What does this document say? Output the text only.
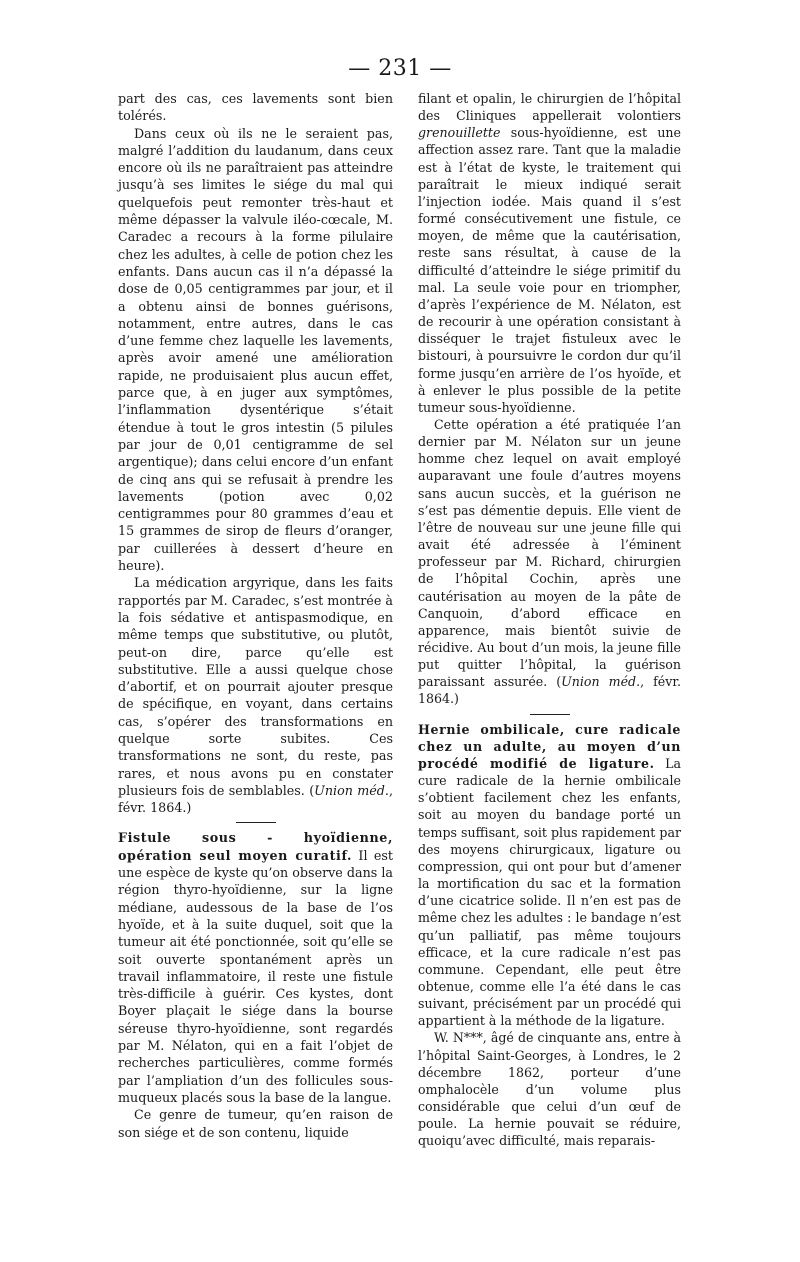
— 231 —

part des cas, ces lavements sont bien tolérés.

Dans ceux où ils ne le seraient pas, malgré l’addition du laudanum, dans ceux encore où ils ne paraîtraient pas atteindre jusqu’à ses limites le siége du mal qui quelquefois peut remonter très-haut et même dépasser la valvule iléo-cœcale, M. Caradec a recours à la forme pilulaire chez les adultes, à celle de potion chez les enfants. Dans aucun cas il n’a dépassé la dose de 0,05 centigrammes par jour, et il a obtenu ainsi de bonnes guérisons, notamment, entre autres, dans le cas d’une femme chez laquelle les lavements, après avoir amené une amélioration rapide, ne produisaient plus aucun effet, parce que, à en juger aux symptômes, l’inflammation dysentérique s’était étendue à tout le gros intestin (5 pilules par jour de 0,01 centigramme de sel argentique); dans celui encore d’un enfant de cinq ans qui se refusait à prendre les lavements (potion avec 0,02 centigrammes pour 80 grammes d’eau et 15 grammes de sirop de fleurs d’oranger, par cuillerées à dessert d’heure en heure).

La médication argyrique, dans les faits rapportés par M. Caradec, s’est montrée à la fois sédative et antispasmodique, en même temps que substitutive, ou plutôt, peut-on dire, parce qu’elle est substitutive. Elle a aussi quelque chose d’abortif, et on pourrait ajouter presque de spécifique, en voyant, dans certains cas, s’opérer des transformations en quelque sorte subites. Ces transformations ne sont, du reste, pas rares, et nous avons pu en constater plusieurs fois de semblables. (Union méd., févr. 1864.)

Fistule sous - hyoïdienne, opération seul moyen curatif. Il est une espèce de kyste qu’on observe dans la région thyro-hyoïdienne, sur la ligne médiane, audessous de la base de l’os hyoïde, et à la suite duquel, soit que la tumeur ait été ponctionnée, soit qu’elle se soit ouverte spontanément après un travail inflammatoire, il reste une fistule très-difficile à guérir. Ces kystes, dont Boyer plaçait le siége dans la bourse séreuse thyro-hyoïdienne, sont regardés par M. Nélaton, qui en a fait l’objet de recherches particulières, comme formés par l’ampliation d’un des follicules sous-muqueux placés sous la base de la langue.

Ce genre de tumeur, qu’en raison de son siége et de son contenu, liquide

filant et opalin, le chirurgien de l’hôpital des Cliniques appellerait volontiers grenouillette sous-hyoïdienne, est une affection assez rare. Tant que la maladie est à l’état de kyste, le traitement qui paraîtrait le mieux indiqué serait l’injection iodée. Mais quand il s’est formé consécutivement une fistule, ce moyen, de même que la cautérisation, reste sans résultat, à cause de la difficulté d’atteindre le siége primitif du mal. La seule voie pour en triompher, d’après l’expérience de M. Nélaton, est de recourir à une opération consistant à disséquer le trajet fistuleux avec le bistouri, à poursuivre le cordon dur qu’il forme jusqu’en arrière de l’os hyoïde, et à enlever le plus possible de la petite tumeur sous-hyoïdienne.

Cette opération a été pratiquée l’an dernier par M. Nélaton sur un jeune homme chez lequel on avait employé auparavant une foule d’autres moyens sans aucun succès, et la guérison ne s’est pas démentie depuis. Elle vient de l’être de nouveau sur une jeune fille qui avait été adressée à l’éminent professeur par M. Richard, chirurgien de l’hôpital Cochin, après une cautérisation au moyen de la pâte de Canquoin, d’abord efficace en apparence, mais bientôt suivie de récidive. Au bout d’un mois, la jeune fille put quitter l’hôpital, la guérison paraissant assurée. (Union méd., févr. 1864.)

Hernie ombilicale, cure radicale chez un adulte, au moyen d’un procédé modifié de ligature. La cure radicale de la hernie ombilicale s’obtient facilement chez les enfants, soit au moyen du bandage porté un temps suffisant, soit plus rapidement par des moyens chirurgicaux, ligature ou compression, qui ont pour but d’amener la mortification du sac et la formation d’une cicatrice solide. Il n’en est pas de même chez les adultes : le bandage n’est qu’un palliatif, pas même toujours efficace, et la cure radicale n’est pas commune. Cependant, elle peut être obtenue, comme elle l’a été dans le cas suivant, précisément par un procédé qui appartient à la méthode de la ligature.

W. N***, âgé de cinquante ans, entre à l’hôpital Saint-Georges, à Londres, le 2 décembre 1862, porteur d’une omphalocèle d’un volume plus considérable que celui d’un œuf de poule. La hernie pouvait se réduire, quoiqu’avec difficulté, mais reparais-
